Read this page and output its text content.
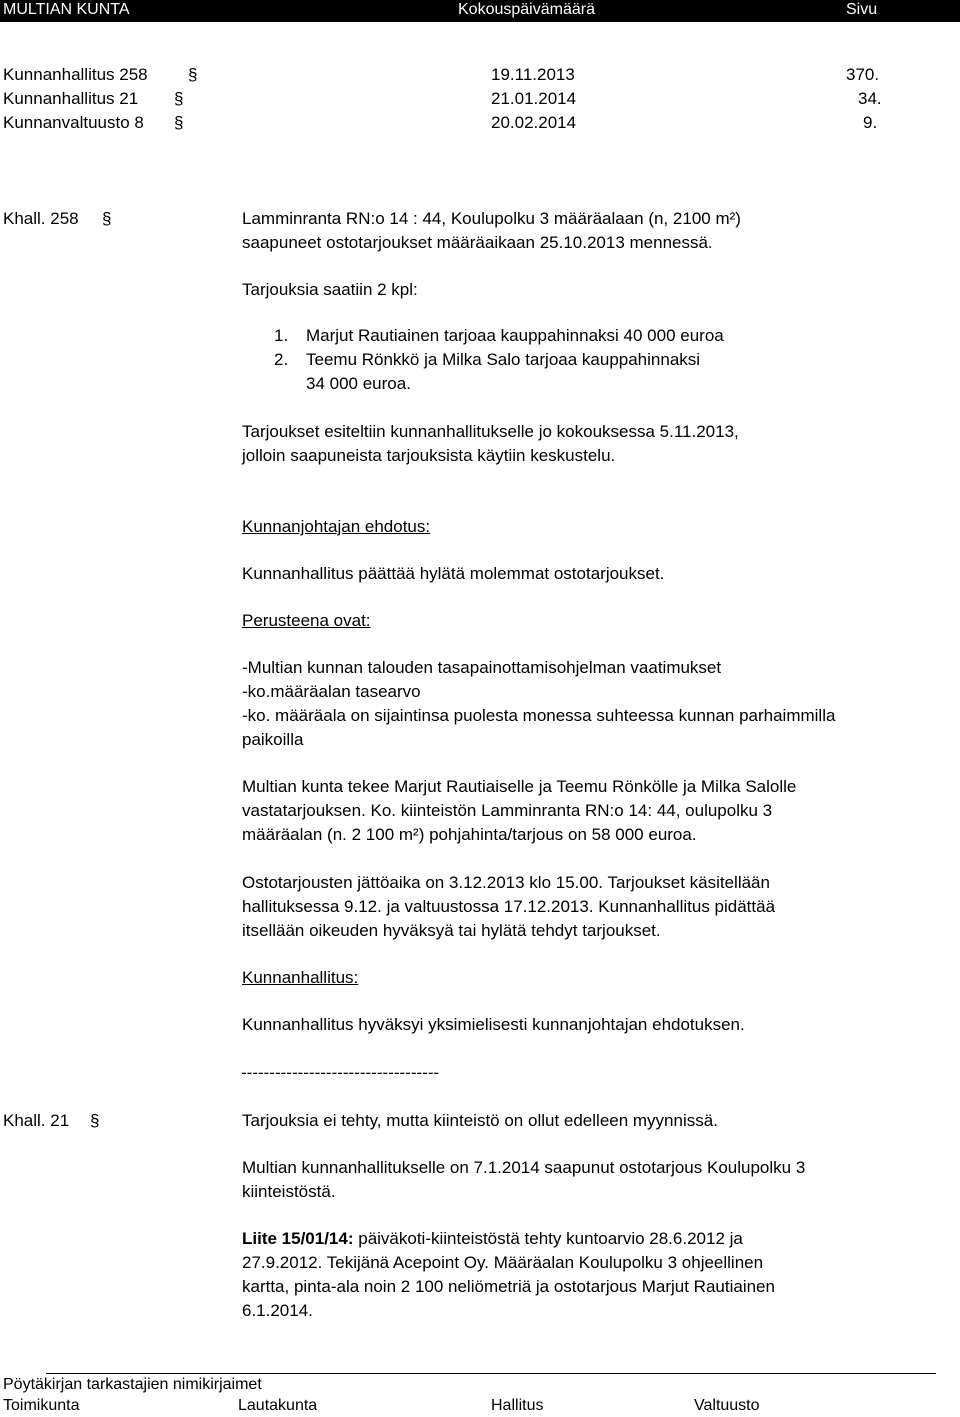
MULTIAN KUNTA	Kokouspäivämäärä	Sivu
Kunnanhallitus 258 §	19.11.2013	370.
Kunnanhallitus 21 §	21.01.2014	34.
Kunnanvaltuusto 8 §	20.02.2014	9.
Khall. 258 §	Lamminranta RN:o 14 : 44, Koulupolku 3 määräalaan (n, 2100 m²)
saapuneet ostotarjoukset määräaikaan 25.10.2013 mennessä.
Tarjouksia saatiin 2 kpl:
1. Marjut Rautiainen tarjoaa kauppahinnaksi 40 000 euroa
2. Teemu Rönkkö ja Milka Salo tarjoaa kauppahinnaksi
34 000 euroa.
Tarjoukset esiteltiin kunnanhallitukselle jo kokouksessa 5.11.2013,
jolloin saapuneista tarjouksista käytiin keskustelu.
Kunnanjohtajan ehdotus:
Kunnanhallitus päättää hylätä molemmat ostotarjoukset.
Perusteena ovat:
-Multian kunnan talouden tasapainottamisohjelman vaatimukset
-ko.määräalan tasearvo
-ko. määräala on sijaintinsa puolesta monessa suhteessa kunnan parhaimmilla
paikoilla
Multian kunta tekee Marjut Rautiaiselle ja Teemu Rönkölle ja Milka Salolle
vastatarjouksen. Ko. kiinteistön Lamminranta RN:o 14: 44, oulupolku 3
määräalan (n. 2 100 m²) pohjahinta/tarjous on 58 000 euroa.
Ostotarjousten jättöaika on 3.12.2013 klo 15.00. Tarjoukset käsitellään
hallituksessa 9.12. ja valtuustossa 17.12.2013. Kunnanhallitus pidättää
itsellään oikeuden hyväksyä tai hylätä tehdyt tarjoukset.
Kunnanhallitus:
Kunnanhallitus hyväksyi yksimielisesti kunnanjohtajan ehdotuksen.
-----------------------------------
Khall. 21 §	Tarjouksia ei tehty, mutta kiinteistö on ollut edelleen myynnissä.
Multian kunnanhallitukselle on 7.1.2014 saapunut ostotarjous Koulupolku 3
kiinteistöstä.
Liite 15/01/14: päiväkoti-kiinteistöstä tehty kuntoarvio 28.6.2012 ja
27.9.2012. Tekijänä Acepoint Oy. Määräalan Koulupolku 3 ohjeellinen
kartta, pinta-ala noin 2 100 neliömetriä ja ostotarjous Marjut Rautiainen
6.1.2014.
Pöytäkirjan tarkastajien nimikirjaimet
Toimikunta	Lautakunta	Hallitus	Valtuusto
